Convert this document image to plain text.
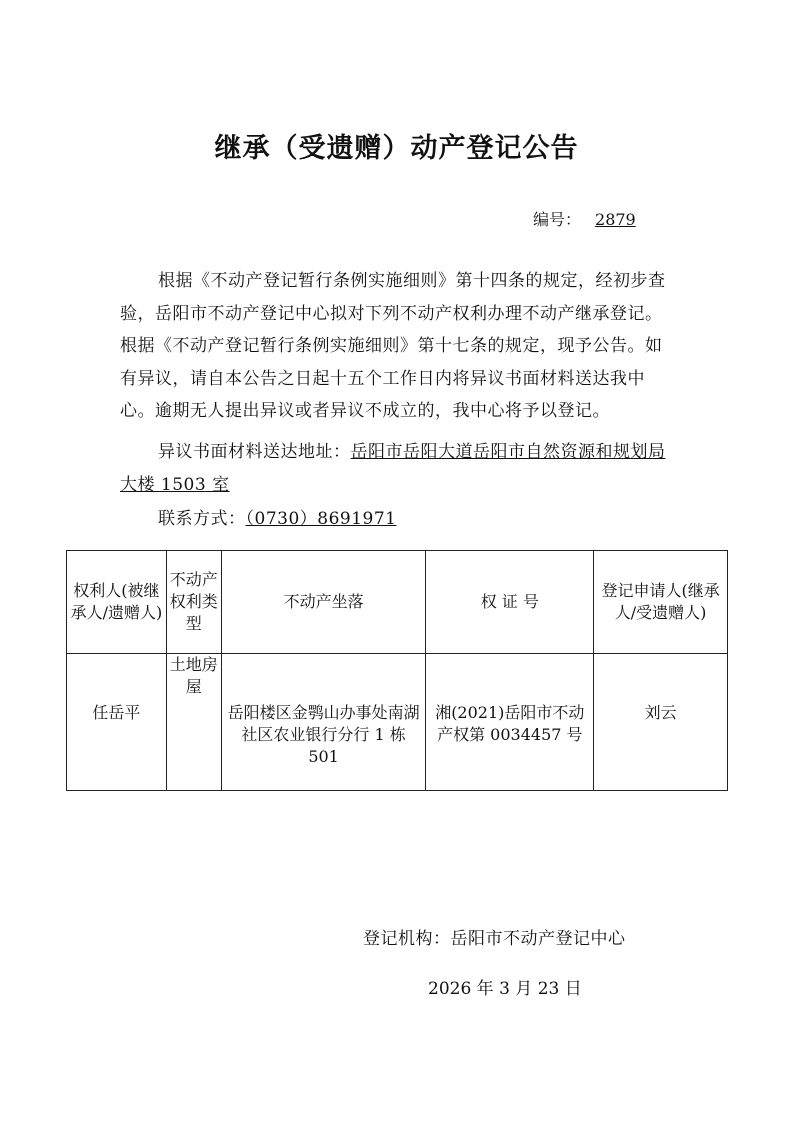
继承（受遗赠）动产登记公告
编号： 2879
根据《不动产登记暂行条例实施细则》第十四条的规定，经初步查验，岳阳市不动产登记中心拟对下列不动产权利办理不动产继承登记。根据《不动产登记暂行条例实施细则》第十七条的规定，现予公告。如有异议，请自本公告之日起十五个工作日内将异议书面材料送达我中心。逾期无人提出异议或者异议不成立的，我中心将予以登记。
异议书面材料送达地址：岳阳市岳阳大道岳阳市自然资源和规划局大楼 1503 室
联系方式：（0730）8691971
权利人(被继承人/遗赠人)	不动产权利类型	不动产坐落	权 证 号	登记申请人(继承人/受遗赠人)
任岳平	土地房屋	岳阳楼区金鹗山办事处南湖社区农业银行分行 1 栋 501	湘(2021)岳阳市不动产权第 0034457 号	刘云
登记机构：岳阳市不动产登记中心
2026 年 3 月 23 日
